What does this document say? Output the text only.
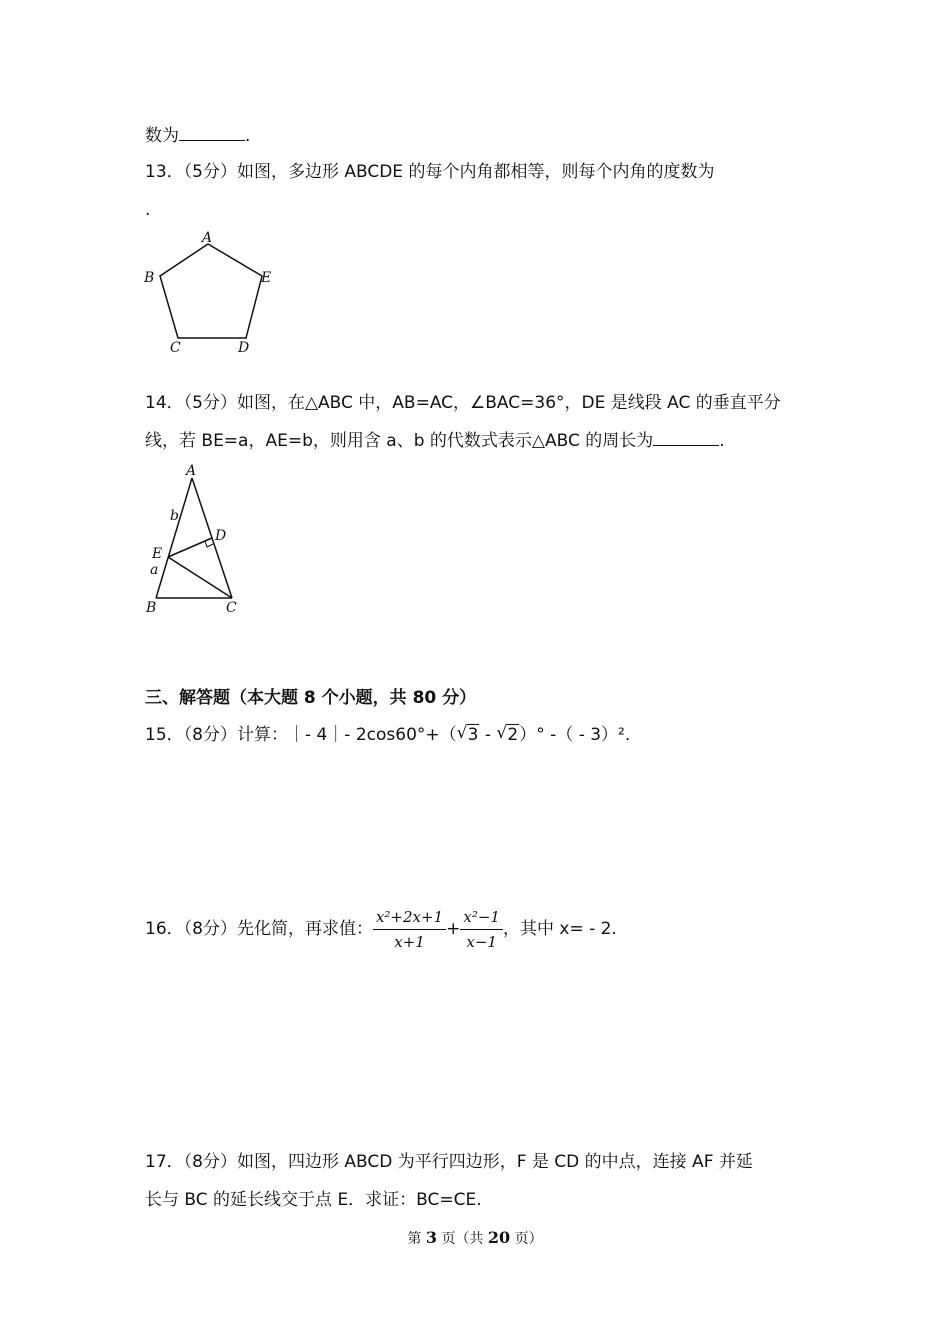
数为	.
13．（5分）如图，多边形 ABCDE 的每个内角都相等，则每个内角的度数为
.
A
B
C	D
E
14．（5分）如图，在△ABC 中，AB=AC，∠BAC=36°，DE 是线段 AC 的垂直平分
线，若 BE=a，AE=b，则用含 a、b 的代数式表示△ABC 的周长为	.
A
B	C
D
E
b
a
三、解答题（本大题 8 个小题，共 80 分）
15．（8分）计算：｜- 4｜- 2cos60°+（ √ 3 - √ 2）° -（ - 3）².
16．（8分）先化简，再求值： $\frac{\text{x²+2x+1}}{x+1} + \frac{\text{x²−1}}{x-1}$ ，其中 x= - 2.
17．（8分）如图，四边形 ABCD 为平行四边形，F 是 CD 的中点，连接 AF 并延
长与 BC 的延长线交于点 E．求证：BC=CE.
第 3 页（共 20 页）
